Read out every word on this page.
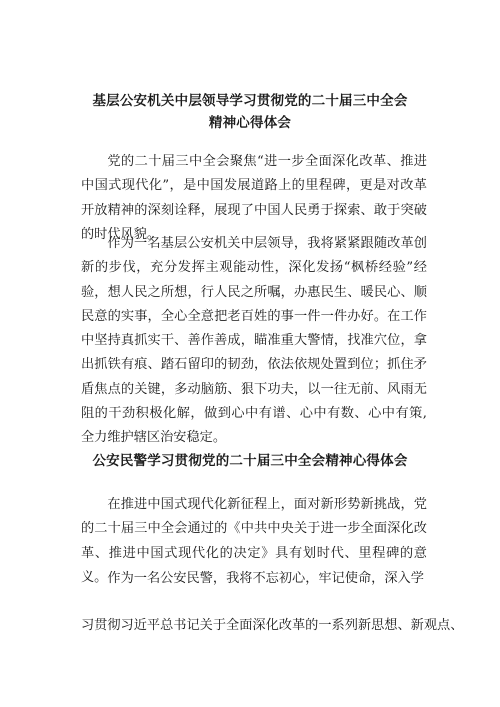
基层公安机关中层领导学习贯彻党的二十届三中全会
精神心得体会

党的二十届三中全会聚焦“进一步全面深化改革、推进中国式现代化”，是中国发展道路上的里程碑，更是对改革开放精神的深刻诠释，展现了中国人民勇于探索、敢于突破的时代风貌。

作为一名基层公安机关中层领导，我将紧紧跟随改革创新的步伐，充分发挥主观能动性，深化发扬“枫桥经验”经验，想人民之所想，行人民之所嘱，办惠民生、暖民心、顺民意的实事，全心全意把老百姓的事一件一件办好。在工作中坚持真抓实干、善作善成，瞄准重大警情，找准穴位，拿出抓铁有痕、踏石留印的韧劲，依法依规处置到位；抓住矛盾焦点的关键，多动脑筋、狠下功夫，以一往无前、风雨无阻的干劲积极化解，做到心中有谱、心中有数、心中有策,全力维护辖区治安稳定。

公安民警学习贯彻党的二十届三中全会精神心得体会

在推进中国式现代化新征程上，面对新形势新挑战，党的二十届三中全会通过的《中共中央关于进一步全面深化改革、推进中国式现代化的决定》具有划时代、里程碑的意义。 作为一名公安民警，我将不忘初心，牢记使命，深入学

习贯彻习近平总书记关于全面深化改革的一系列新思想、新观点、
